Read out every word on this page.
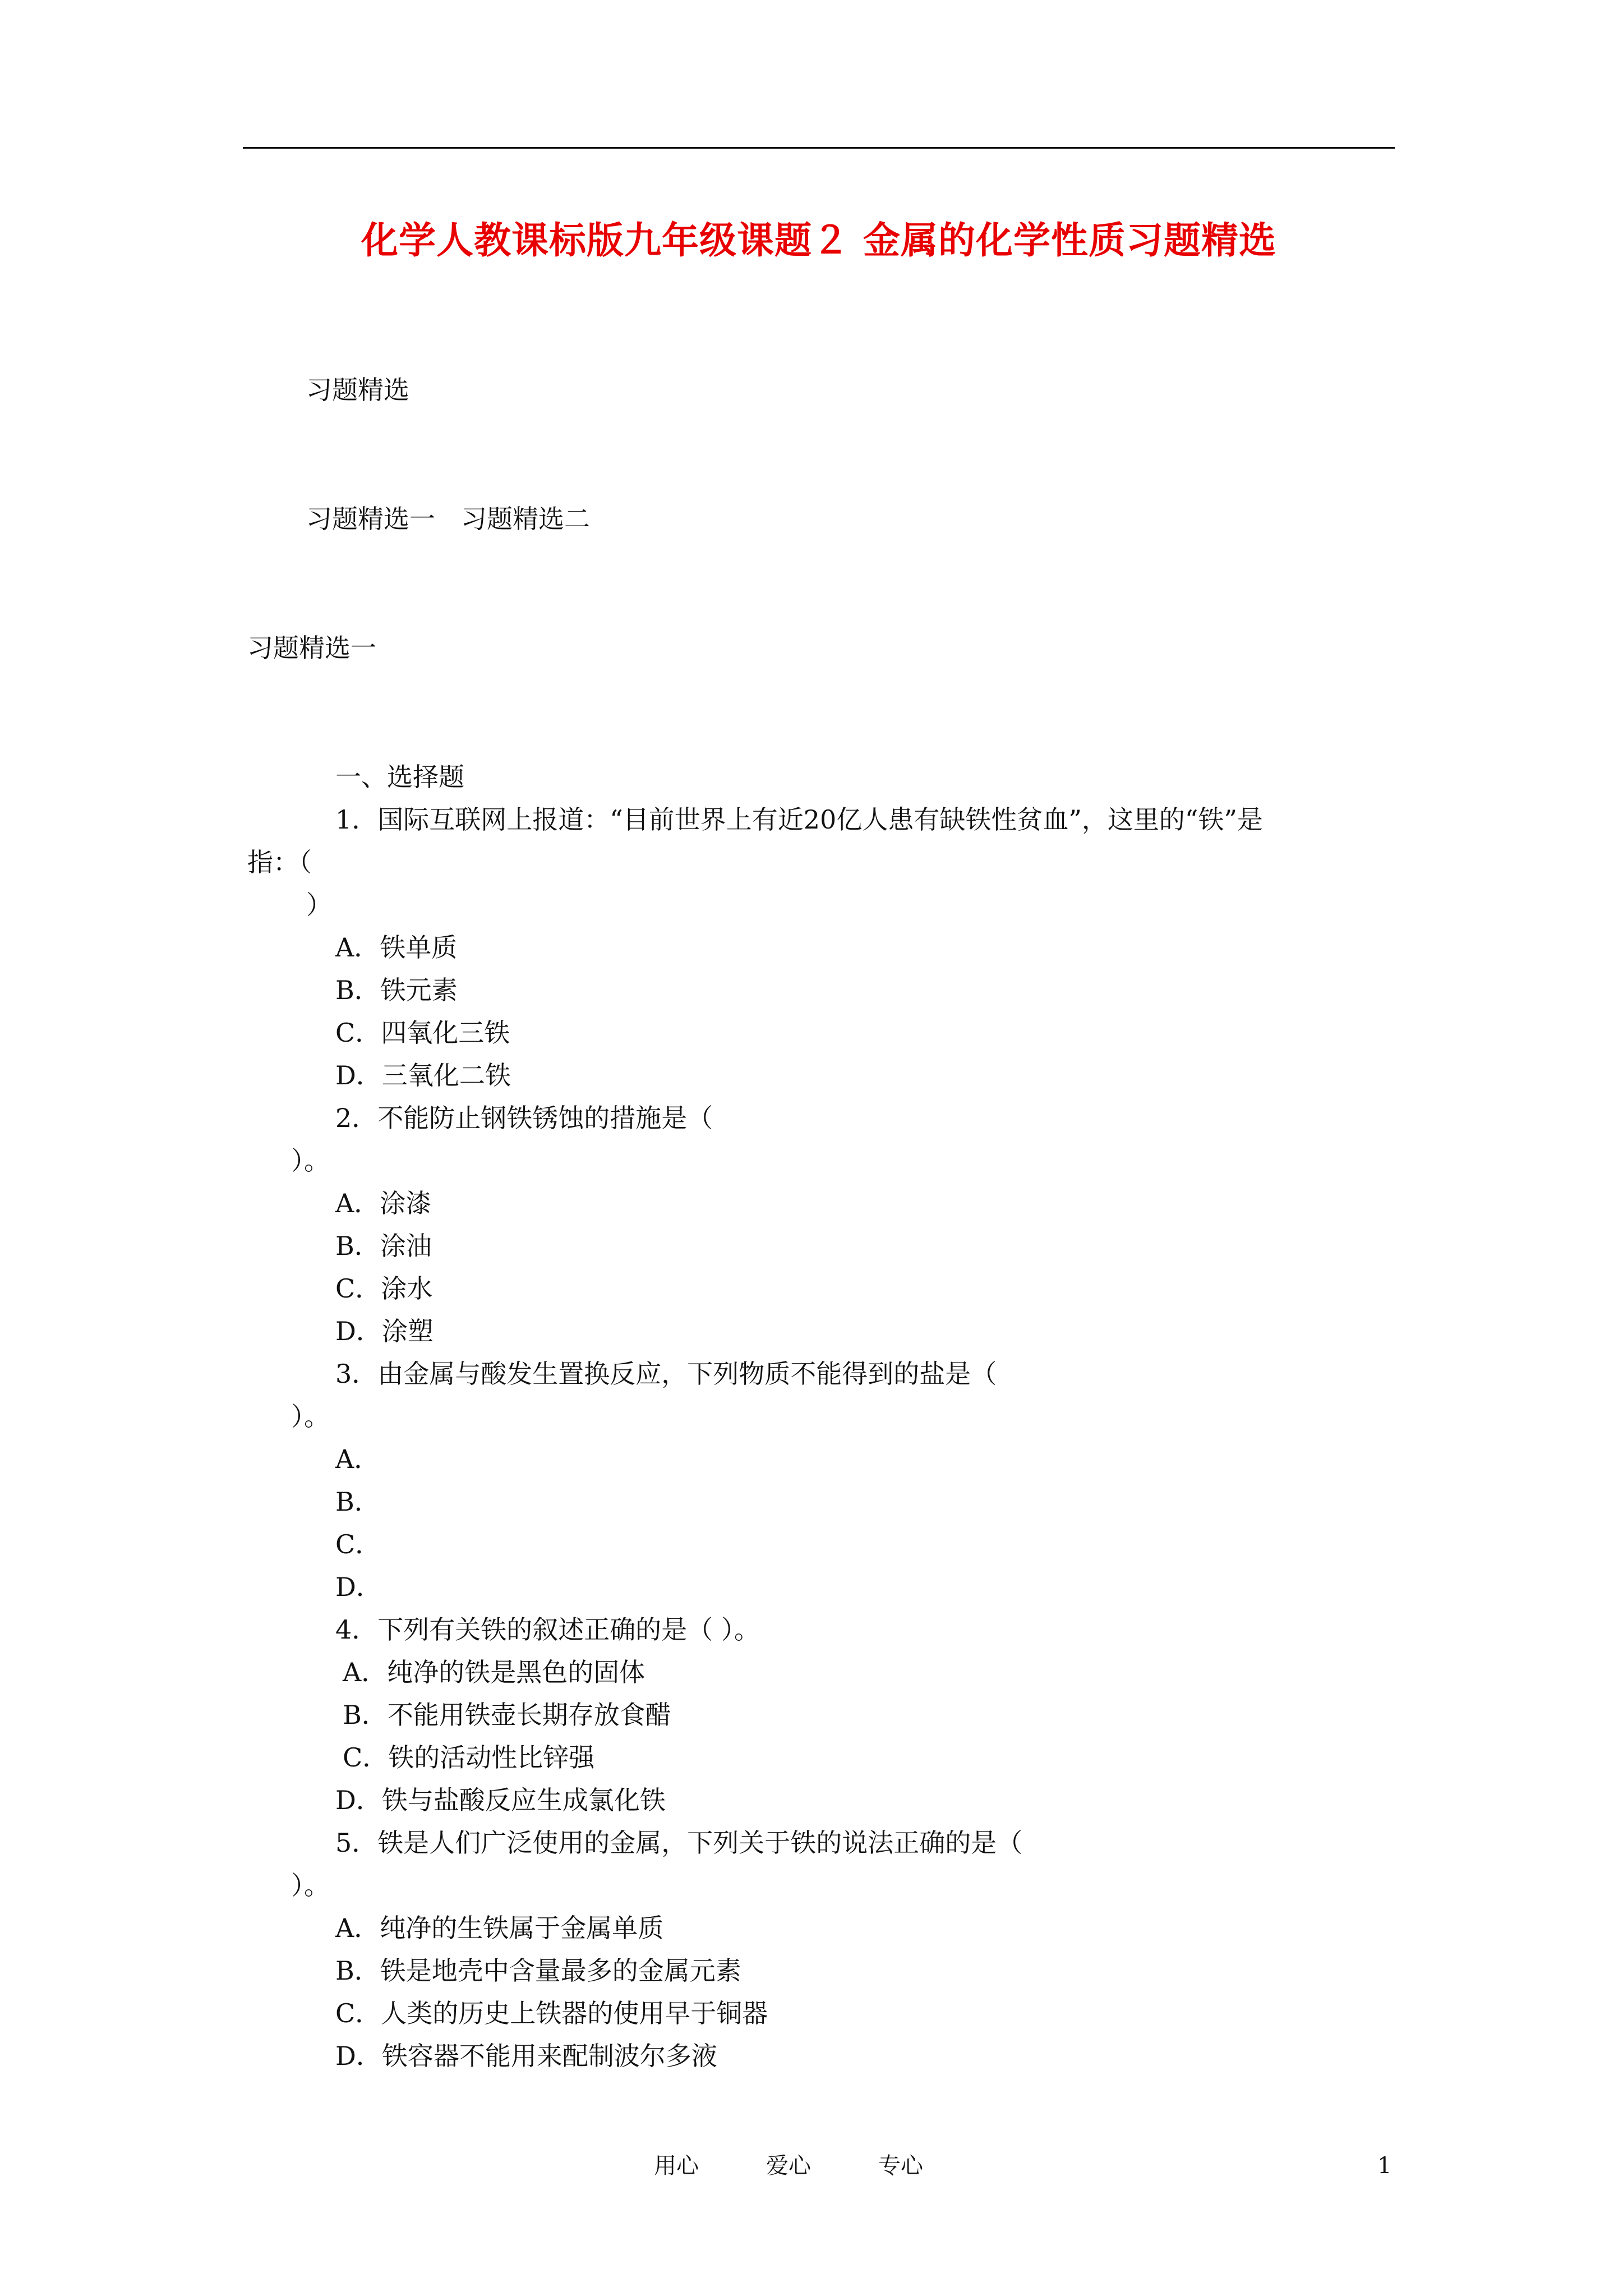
化学人教课标版九年级课题２ 金属的化学性质习题精选
习题精选
习题精选一 习题精选二
习题精选一
一、选择题
1．国际互联网上报道：“目前世界上有近20亿人患有缺铁性贫血”，这里的“铁”是
指：（
）
A．铁单质
B．铁元素
C．四氧化三铁
D．三氧化二铁
2．不能防止钢铁锈蚀的措施是（
）。
A．涂漆
B．涂油
C．涂水
D．涂塑
3．由金属与酸发生置换反应，下列物质不能得到的盐是（
）。
A．
B．
C．
D．
4．下列有关铁的叙述正确的是（ ）。
A．纯净的铁是黑色的固体
B．不能用铁壶长期存放食醋
C．铁的活动性比锌强
D．铁与盐酸反应生成氯化铁
5．铁是人们广泛使用的金属，下列关于铁的说法正确的是（
）。
A．纯净的生铁属于金属单质
B．铁是地壳中含量最多的金属元素
C．人类的历史上铁器的使用早于铜器
D．铁容器不能用来配制波尔多液
用心	爱心	专心	1
